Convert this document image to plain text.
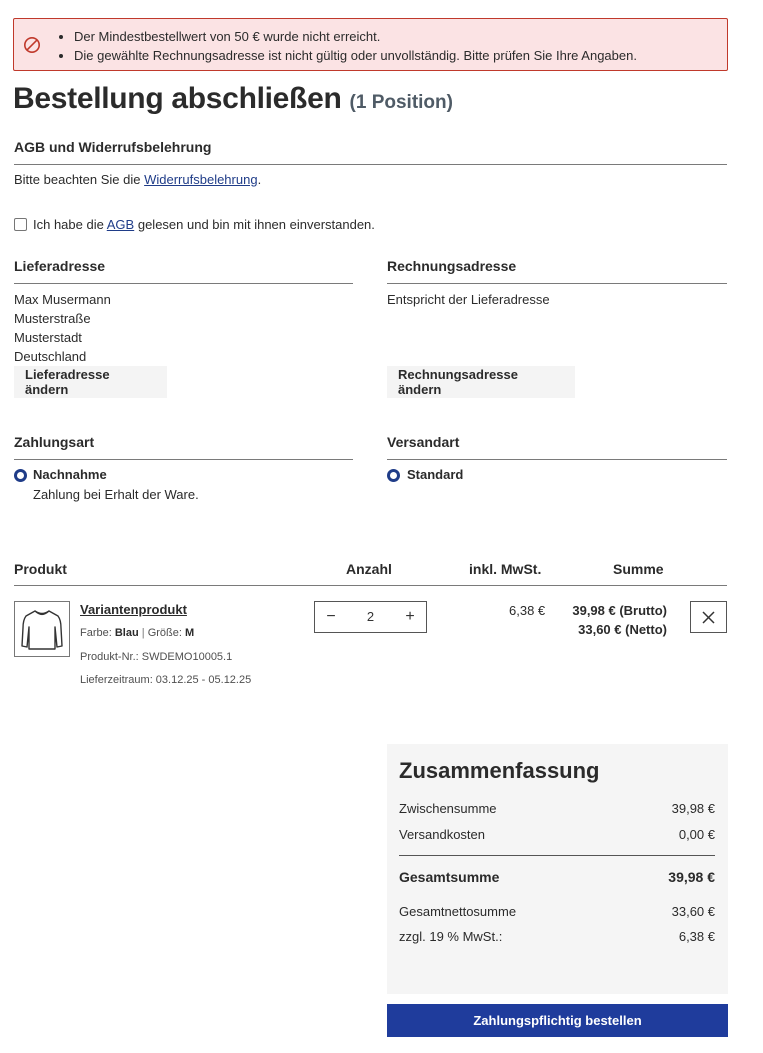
• Der Mindestbestellwert von 50 € wurde nicht erreicht.
• Die gewählte Rechnungsadresse ist nicht gültig oder unvollständig. Bitte prüfen Sie Ihre Angaben.
Bestellung abschließen (1 Position)
AGB und Widerrufsbelehrung
Bitte beachten Sie die Widerrufsbelehrung.
Ich habe die AGB gelesen und bin mit ihnen einverstanden.
Lieferadresse
Max Musermann
Musterstraße
Musterstadt
Deutschland
Lieferadresse ändern
Rechnungsadresse
Entspricht der Lieferadresse
Rechnungsadresse ändern
Zahlungsart
Nachnahme
Zahlung bei Erhalt der Ware.
Versandart
Standard
Produkt	Anzahl	inkl. MwSt.	Summe
Variantenprodukt
Farbe: Blau | Größe: M
Produkt-Nr.: SWDEMO10005.1
Lieferzeitraum: 03.12.25 - 05.12.25
−	2	+	6,38 € 39,98 € (Brutto)
33,60 € (Netto)
Zusammenfassung
Zwischensumme	39,98 €
Versandkosten	0,00 €
Gesamtsumme	39,98 €
Gesamtnettosumme	33,60 €
zzgl. 19 % MwSt.:	6,38 €
Zahlungspflichtig bestellen
